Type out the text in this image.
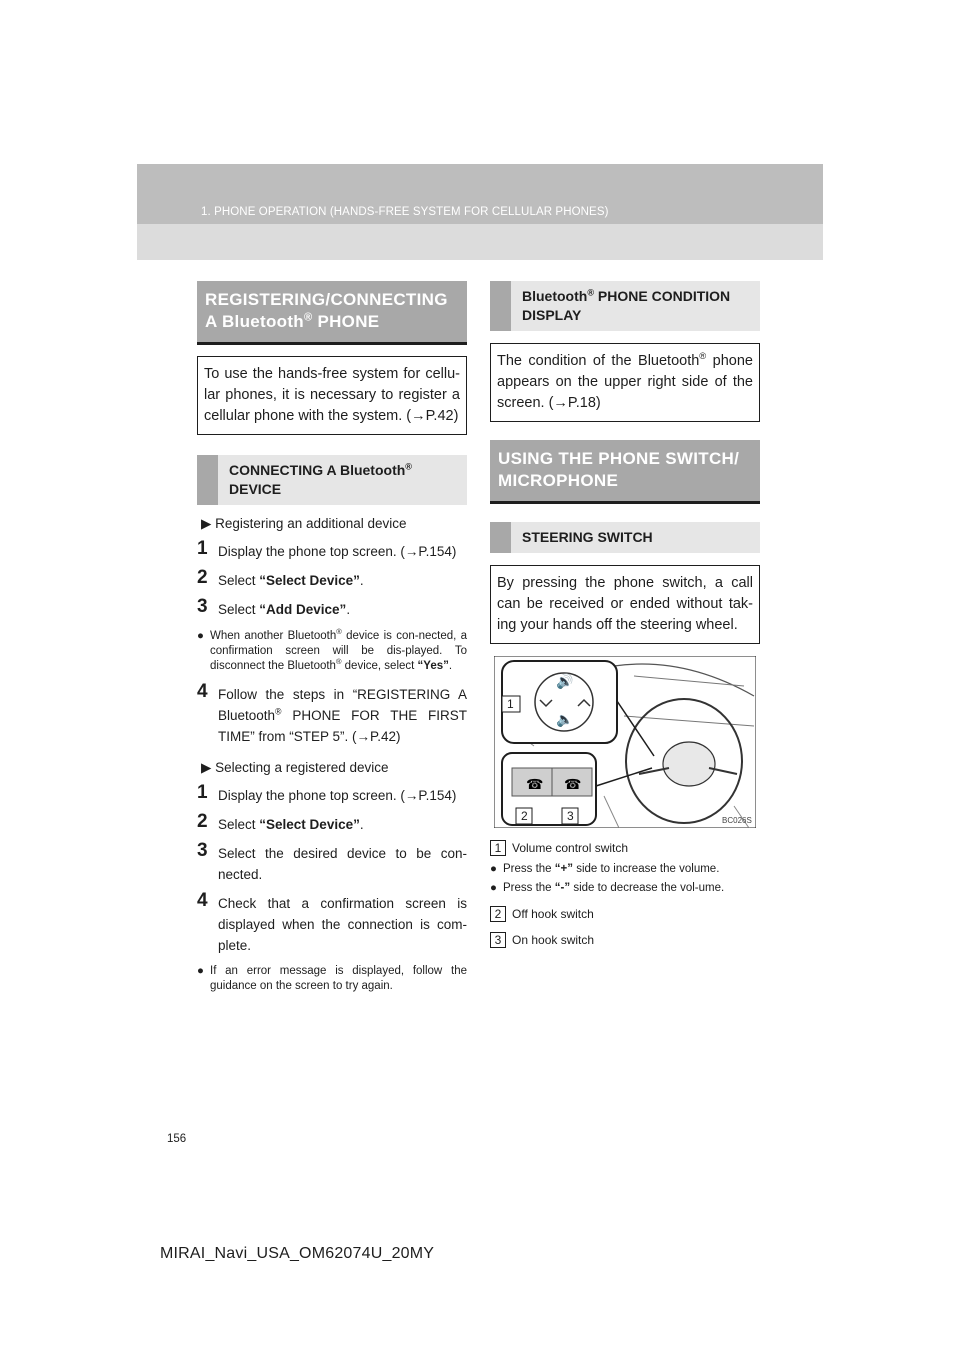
1. PHONE OPERATION (HANDS-FREE SYSTEM FOR CELLULAR PHONES)
REGISTERING/CONNECTING
A Bluetooth® PHONE
To use the hands-free system for cellu-lar phones, it is necessary to register a cellular phone with the system. (→P.42)
CONNECTING A Bluetooth®
DEVICE
▶ Registering an additional device
1 Display the phone top screen. (→P.154)
2 Select “Select Device”.
3 Select “Add Device”.
● When another Bluetooth® device is con-nected, a confirmation screen will be dis-played. To disconnect the Bluetooth® device, select “Yes”.
4 Follow the steps in “REGISTERING A Bluetooth® PHONE FOR THE FIRST TIME” from “STEP 5”. (→P.42)
▶ Selecting a registered device
1 Display the phone top screen. (→P.154)
2 Select “Select Device”.
3 Select the desired device to be con-nected.
4 Check that a confirmation screen is displayed when the connection is com-plete.
● If an error message is displayed, follow the guidance on the screen to try again.
Bluetooth® PHONE CONDITION DISPLAY
The condition of the Bluetooth® phone appears on the upper right side of the screen. (→P.18)
USING THE PHONE SWITCH/
MICROPHONE
STEERING SWITCH
By pressing the phone switch, a call can be received or ended without tak-ing your hands off the steering wheel.
🔊
🔈
☎ ☎
1
2	3	BC026S
1 Volume control switch
● Press the “+” side to increase the volume.
● Press the “-” side to decrease the vol-ume.
2 Off hook switch
3 On hook switch
156
MIRAI_Navi_USA_OM62074U_20MY
